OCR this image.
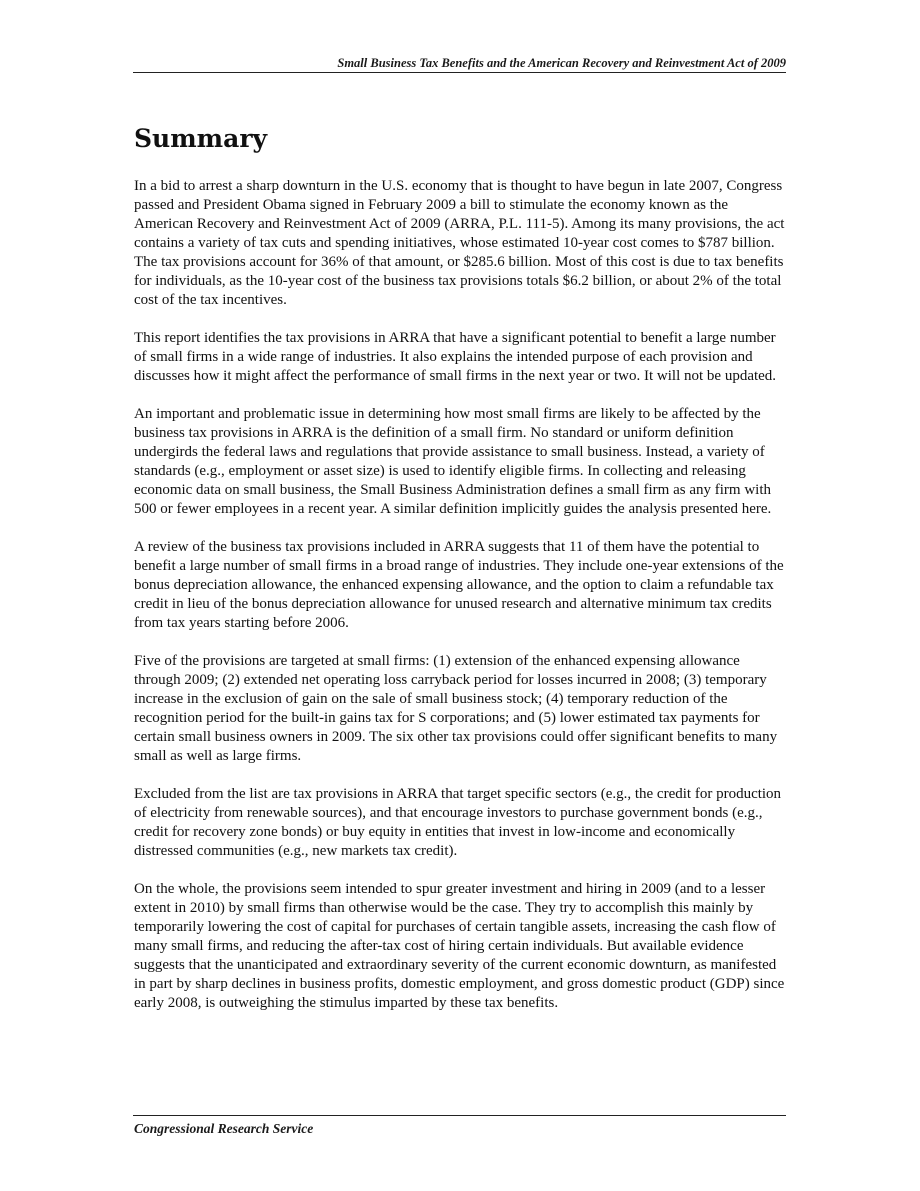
Small Business Tax Benefits and the American Recovery and Reinvestment Act of 2009
Summary

In a bid to arrest a sharp downturn in the U.S. economy that is thought to have begun in late 2007, Congress passed and President Obama signed in February 2009 a bill to stimulate the economy known as the American Recovery and Reinvestment Act of 2009 (ARRA, P.L. 111-5). Among its many provisions, the act contains a variety of tax cuts and spending initiatives, whose estimated 10-year cost comes to $787 billion. The tax provisions account for 36% of that amount, or $285.6 billion. Most of this cost is due to tax benefits for individuals, as the 10-year cost of the business tax provisions totals $6.2 billion, or about 2% of the total cost of the tax incentives.

This report identifies the tax provisions in ARRA that have a significant potential to benefit a large number of small firms in a wide range of industries. It also explains the intended purpose of each provision and discusses how it might affect the performance of small firms in the next year or two. It will not be updated.

An important and problematic issue in determining how most small firms are likely to be affected by the business tax provisions in ARRA is the definition of a small firm. No standard or uniform definition undergirds the federal laws and regulations that provide assistance to small business. Instead, a variety of standards (e.g., employment or asset size) is used to identify eligible firms. In collecting and releasing economic data on small business, the Small Business Administration defines a small firm as any firm with 500 or fewer employees in a recent year. A similar definition implicitly guides the analysis presented here.

A review of the business tax provisions included in ARRA suggests that 11 of them have the potential to benefit a large number of small firms in a broad range of industries. They include one-year extensions of the bonus depreciation allowance, the enhanced expensing allowance, and the option to claim a refundable tax credit in lieu of the bonus depreciation allowance for unused research and alternative minimum tax credits from tax years starting before 2006.

Five of the provisions are targeted at small firms: (1) extension of the enhanced expensing allowance through 2009; (2) extended net operating loss carryback period for losses incurred in 2008; (3) temporary increase in the exclusion of gain on the sale of small business stock; (4) temporary reduction of the recognition period for the built-in gains tax for S corporations; and (5) lower estimated tax payments for certain small business owners in 2009. The six other tax provisions could offer significant benefits to many small as well as large firms.

Excluded from the list are tax provisions in ARRA that target specific sectors (e.g., the credit for production of electricity from renewable sources), and that encourage investors to purchase government bonds (e.g., credit for recovery zone bonds) or buy equity in entities that invest in low-income and economically distressed communities (e.g., new markets tax credit).

On the whole, the provisions seem intended to spur greater investment and hiring in 2009 (and to a lesser extent in 2010) by small firms than otherwise would be the case. They try to accomplish this mainly by temporarily lowering the cost of capital for purchases of certain tangible assets, increasing the cash flow of many small firms, and reducing the after-tax cost of hiring certain individuals. But available evidence suggests that the unanticipated and extraordinary severity of the current economic downturn, as manifested in part by sharp declines in business profits, domestic employment, and gross domestic product (GDP) since early 2008, is outweighing the stimulus imparted by these tax benefits.

Congressional Research Service
